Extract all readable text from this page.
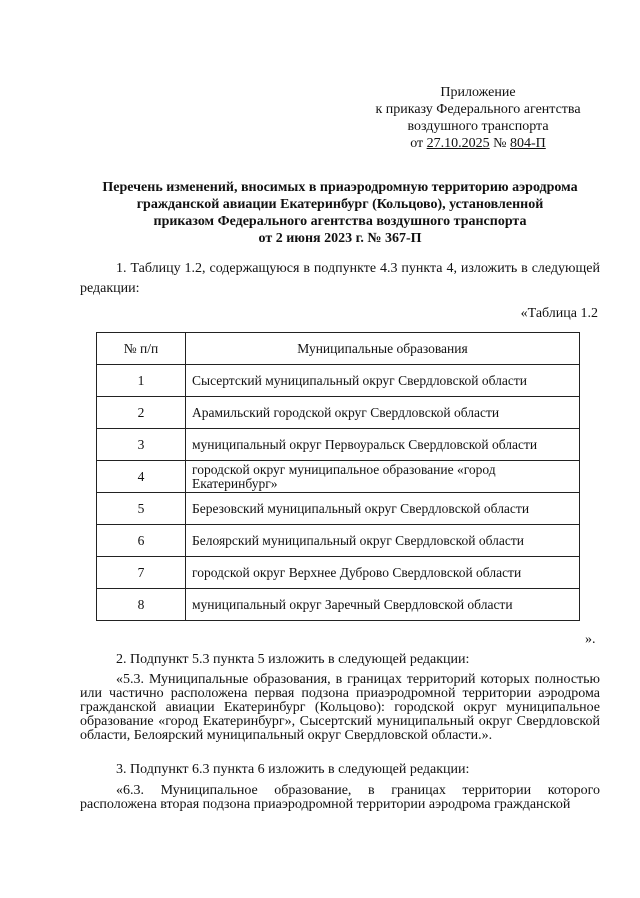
Приложение
к приказу Федерального агентства
воздушного транспорта
от 27.10.2025 № 804-П
Перечень изменений, вносимых в приаэродромную территорию аэродрома
гражданской авиации Екатеринбург (Кольцово), установленной
приказом Федерального агентства воздушного транспорта
от 2 июня 2023 г. № 367-П
1. Таблицу 1.2, содержащуюся в подпункте 4.3 пункта 4, изложить в следующей редакции:
«Таблица 1.2
№ п/п	Муниципальные образования
1	Сысертский муниципальный округ Свердловской области
2	Арамильский городской округ Свердловской области
3	муниципальный округ Первоуральск Свердловской области
4	городской округ муниципальное образование «город Екатеринбург»
5	Березовский муниципальный округ Свердловской области
6	Белоярский муниципальный округ Свердловской области
7	городской округ Верхнее Дуброво Свердловской области
8	муниципальный округ Заречный Свердловской области
».
2. Подпункт 5.3 пункта 5 изложить в следующей редакции:
«5.3. Муниципальные образования, в границах территорий которых полностью или частично расположена первая подзона приаэродромной территории аэродрома гражданской авиации Екатеринбург (Кольцово): городской округ муниципальное образование «город Екатеринбург», Сысертский муниципальный округ Свердловской области, Белоярский муниципальный округ Свердловской области.».
3. Подпункт 6.3 пункта 6 изложить в следующей редакции:
«6.3. Муниципальное образование, в границах территории которого расположена вторая подзона приаэродромной территории аэродрома гражданской
